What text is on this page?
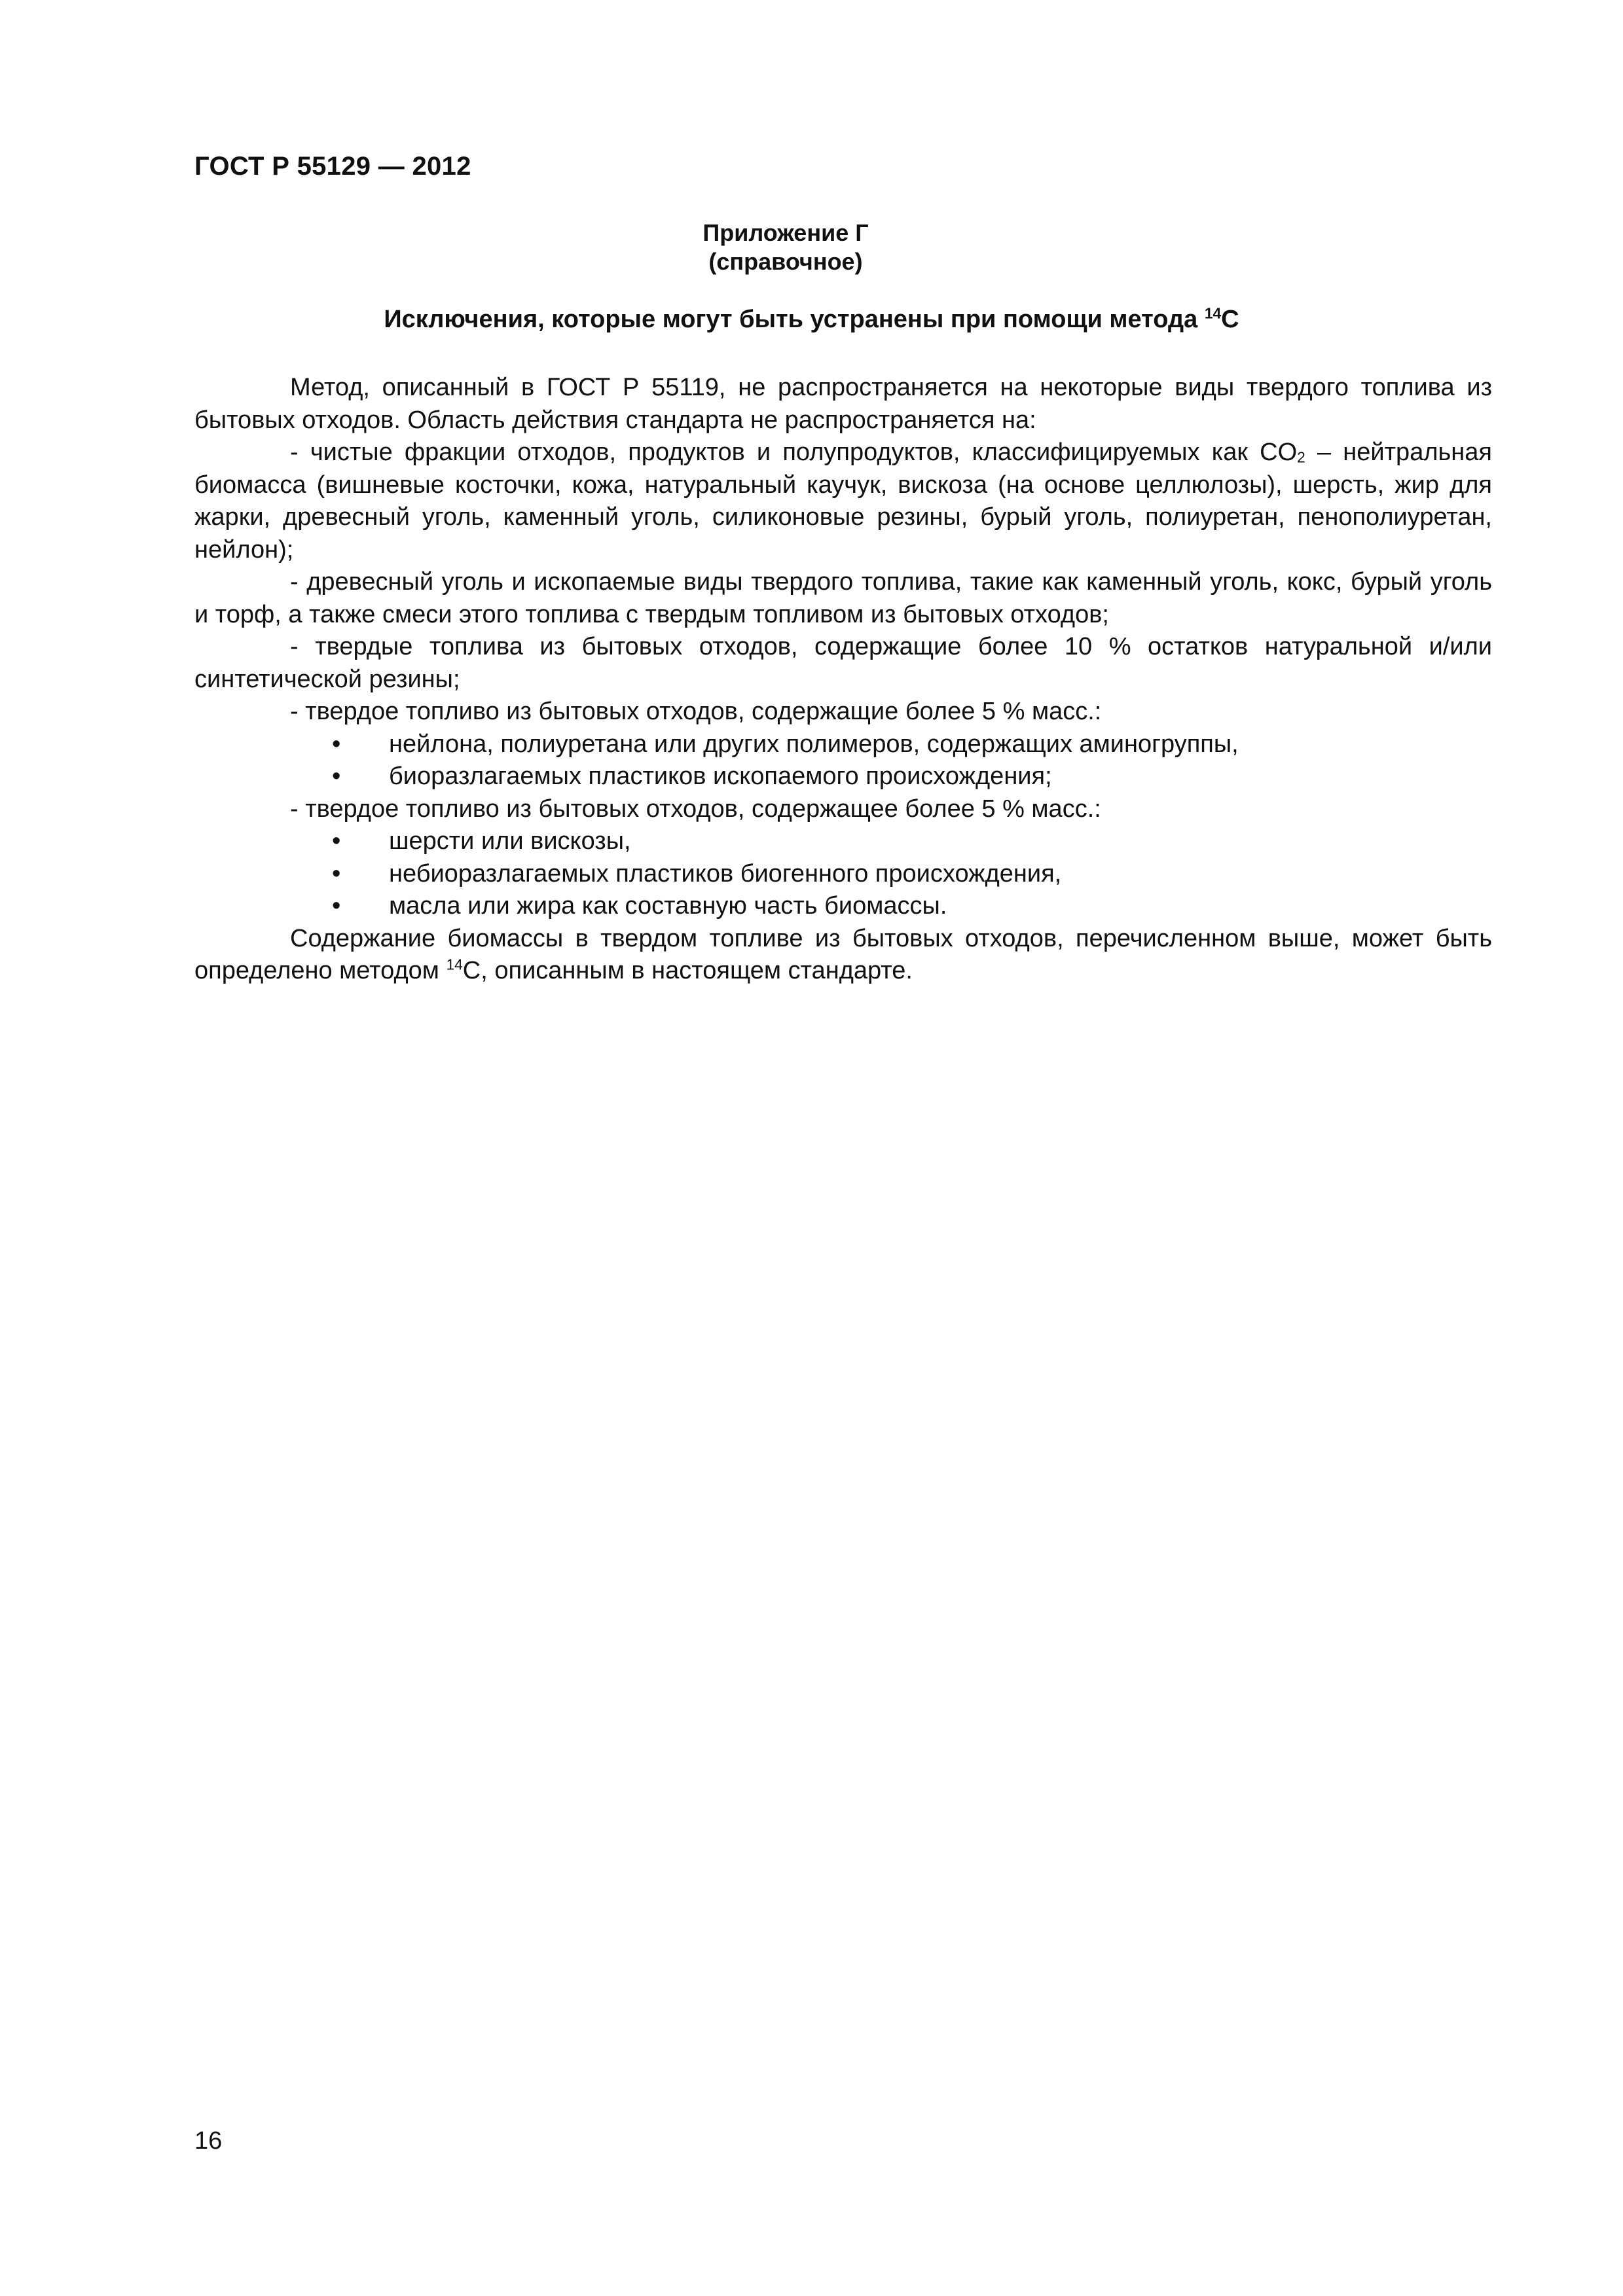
ГОСТ Р 55129 — 2012
Приложение Г
(справочное)
Исключения, которые могут быть устранены при помощи метода $^{14}$C

Метод, описанный в ГОСТ Р 55119, не распространяется на некоторые виды твердого топлива из бытовых отходов. Область действия стандарта не распространяется на:

- чистые фракции отходов, продуктов и полупродуктов, классифицируемых как $CO_2$ – нейтральная биомасса (вишневые косточки, кожа, натуральный каучук, вискоза (на основе целлюлозы), шерсть, жир для жарки, древесный уголь, каменный уголь, силиконовые резины, бурый уголь, полиуретан, пенополиуретан, нейлон);

- древесный уголь и ископаемые виды твердого топлива, такие как каменный уголь, кокс, бурый уголь и торф, а также смеси этого топлива с твердым топливом из бытовых отходов;

- твердые топлива из бытовых отходов, содержащие более 10 % остатков натуральной и/или синтетической резины;

- твердое топливо из бытовых отходов, содержащие более 5 % масс.:

• нейлона, полиуретана или других полимеров, содержащих аминогруппы,
• биоразлагаемых пластиков ископаемого происхождения;

- твердое топливо из бытовых отходов, содержащее более 5 % масс.:

• шерсти или вискозы,
• небиоразлагаемых пластиков биогенного происхождения,
• масла или жира как составную часть биомассы.

Содержание биомассы в твердом топливе из бытовых отходов, перечисленном выше, может быть определено методом $^{14}$C, описанным в настоящем стандарте.

16
